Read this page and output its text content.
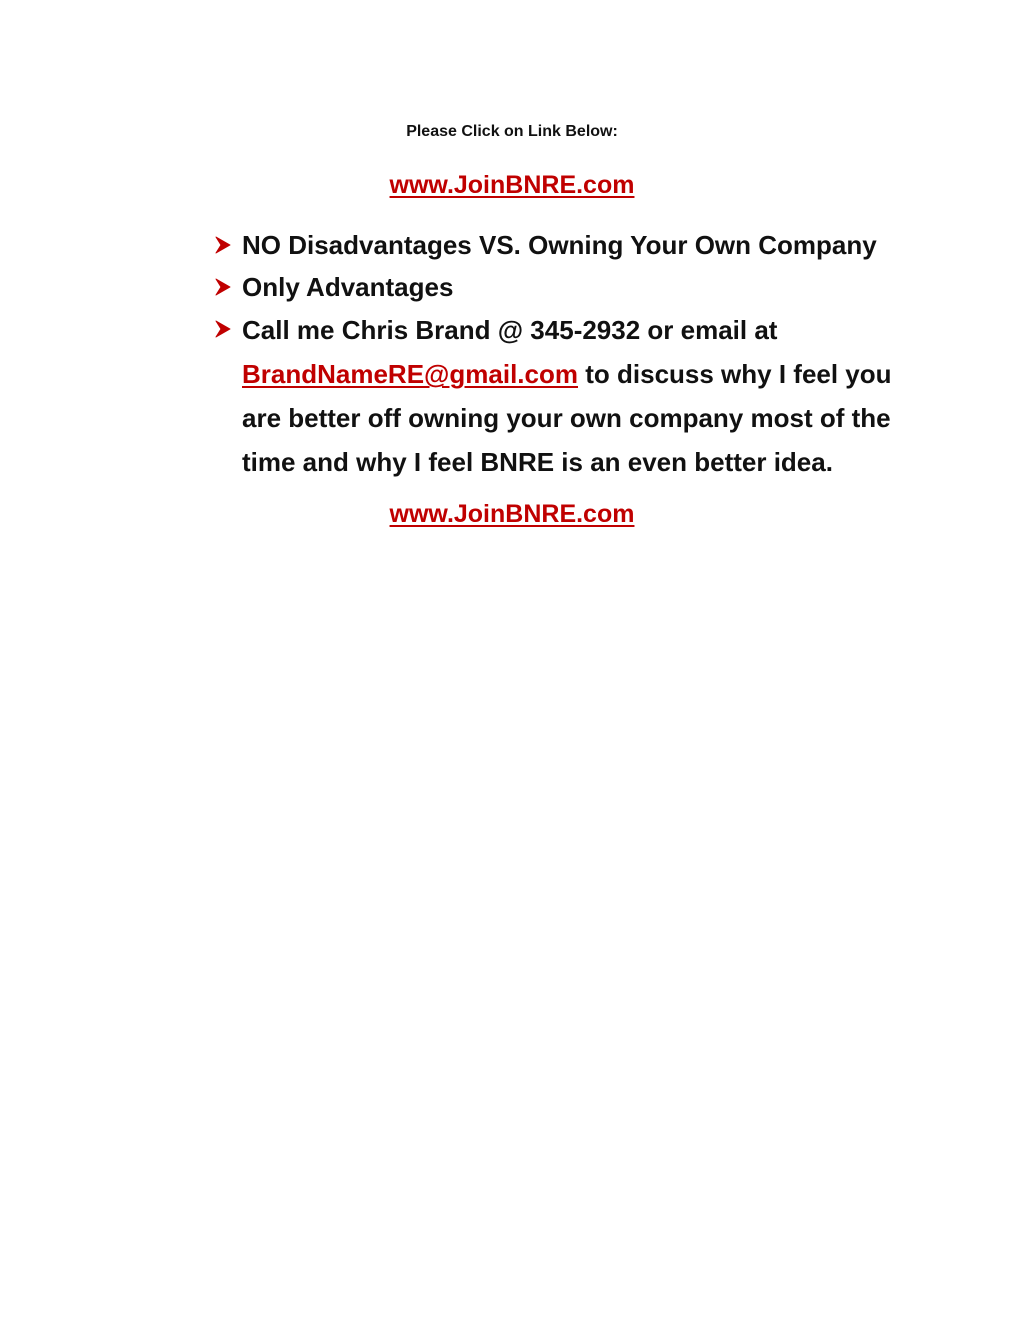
Please Click on Link Below:
www.JoinBNRE.com
NO Disadvantages VS. Owning Your Own Company
Only Advantages
Call me Chris Brand @ 345-2932 or email at
BrandNameRE@gmail.com to discuss why I feel you are better off owning your own company most of the time and why I feel BNRE is an even better idea.
www.JoinBNRE.com
